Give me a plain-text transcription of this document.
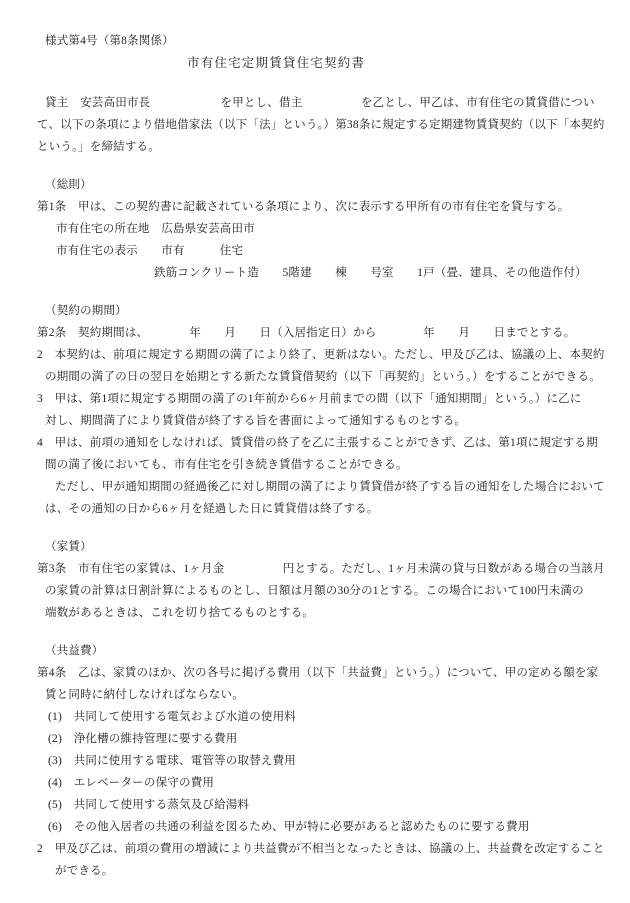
様式第4号（第8条関係）
市有住宅定期賃貸住宅契約書
貸主　安芸高田市長　　　　　　を甲とし、借主　　　　　を乙とし、甲乙は、市有住宅の賃貸借につい
て、以下の条項により借地借家法（以下「法」という。）第38条に規定する定期建物賃貸契約（以下「本契約
という。」を締結する。
（総則）
第1条　甲は、この契約書に記載されている条項により、次に表示する甲所有の市有住宅を貸与する。
市有住宅の所在地　広島県安芸高田市
市有住宅の表示　　市有　　　住宅
鉄筋コンクリート造　　5階建　　棟　　号室　　1戸（畳、建具、その他造作付）
（契約の期間）
第2条　契約期間は、　　　　年　　月　　日（入居指定日）から　　　　年　　月　　日までとする。
2　本契約は、前項に規定する期間の満了により終了、更新はない。ただし、甲及び乙は、協議の上、本契約
の期間の満了の日の翌日を始期とする新たな賃貸借契約（以下「再契約」という。）をすることができる。
3　甲は、第1項に規定する期間の満了の1年前から6ヶ月前までの間（以下「通知期間」という。）に乙に
対し、期間満了により賃貸借が終了する旨を書面によって通知するものとする。
4　甲は、前項の通知をしなければ、賃貸借の終了を乙に主張することができず、乙は、第1項に規定する期
間の満了後においても、市有住宅を引き続き賃借することができる。
ただし、甲が通知期間の経過後乙に対し期間の満了により賃貸借が終了する旨の通知をした場合において
は、その通知の日から6ヶ月を経過した日に賃貸借は終了する。
（家賃）
第3条　市有住宅の家賃は、1ヶ月金　　　　　円とする。ただし、1ヶ月未満の貸与日数がある場合の当該月
の家賃の計算は日割計算によるものとし、日額は月額の30分の1とする。この場合において100円未満の
端数があるときは、これを切り捨てるものとする。
（共益費）
第4条　乙は、家賃のほか、次の各号に掲げる費用（以下「共益費」という。）について、甲の定める額を家
賃と同時に納付しなければならない。
(1)　共同して使用する電気および水道の使用料
(2)　浄化槽の維持管理に要する費用
(3)　共同に使用する電球、電管等の取替え費用
(4)　エレベーターの保守の費用
(5)　共同して使用する蒸気及び給湯料
(6)　その他入居者の共通の利益を図るため、甲が特に必要があると認めたものに要する費用
2　甲及び乙は、前項の費用の増減により共益費が不相当となったときは、協議の上、共益費を改定すること
ができる。
